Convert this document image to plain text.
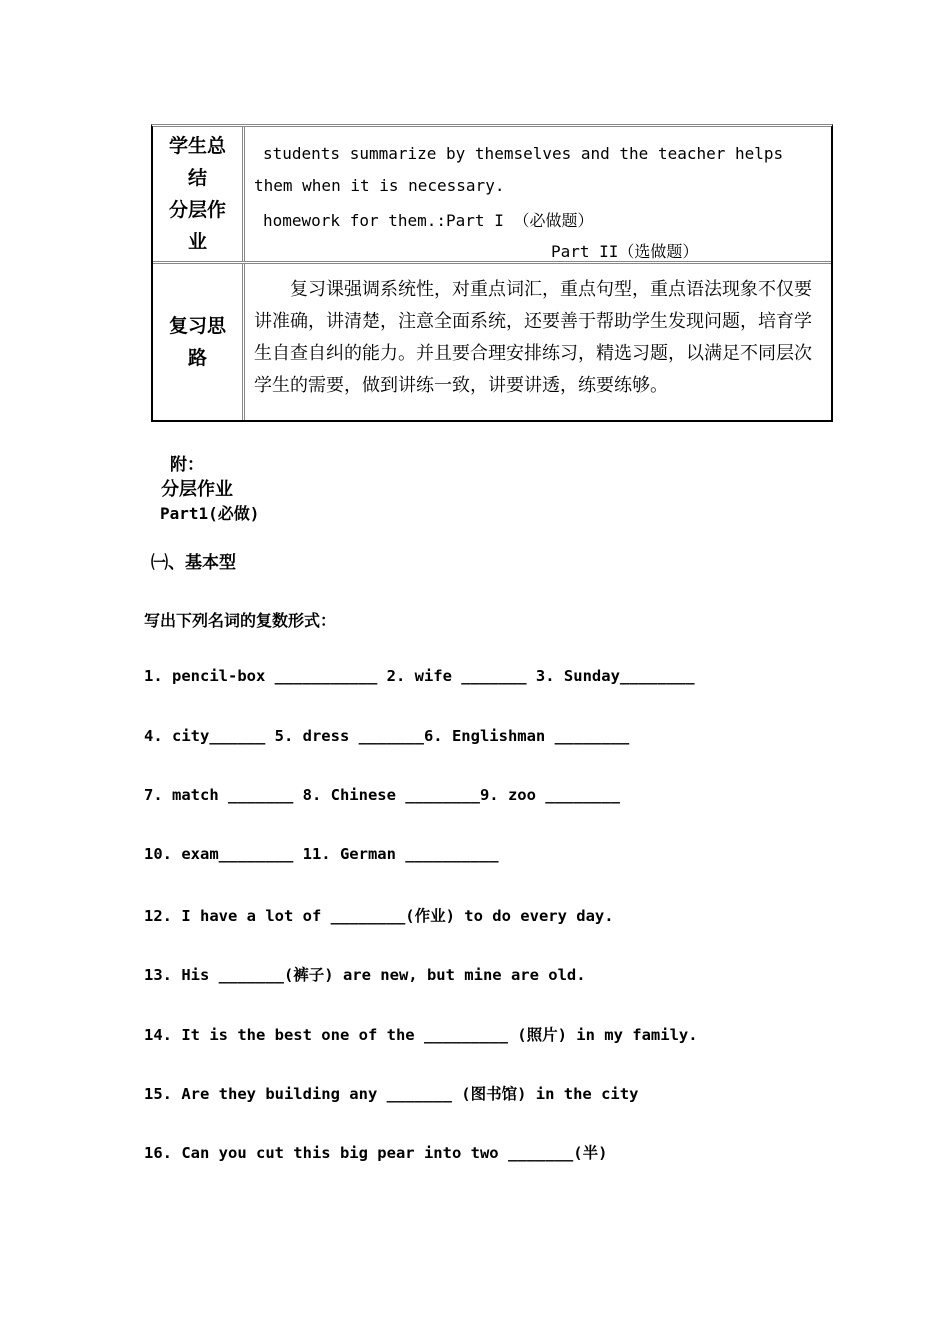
学生总
结
分层作
业
students summarize by themselves and the teacher helps
them when it is necessary.
homework for them.:Part I （必做题）
Part II（选做题）
复习思
路
复习课强调系统性，对重点词汇，重点句型，重点语法现象不仅要讲准确，讲清楚，注意全面系统，还要善于帮助学生发现问题，培育学生自查自纠的能力。并且要合理安排练习，精选习题，以满足不同层次学生的需要，做到讲练一致，讲要讲透，练要练够。
附：
分层作业
Part1(必做)
㈠、基本型
写出下列名词的复数形式：
1. pencil-box ___________ 2. wife _______ 3. Sunday________
4. city______ 5. dress _______6. Englishman ________
7. match _______ 8. Chinese ________9. zoo ________
10. exam________ 11. German __________
12. I have a lot of ________(作业) to do every day.
13. His _______(裤子) are new, but mine are old.
14. It is the best one of the _________ (照片) in my family.
15. Are they building any _______ (图书馆) in the city
16. Can you cut this big pear into two _______(半)
